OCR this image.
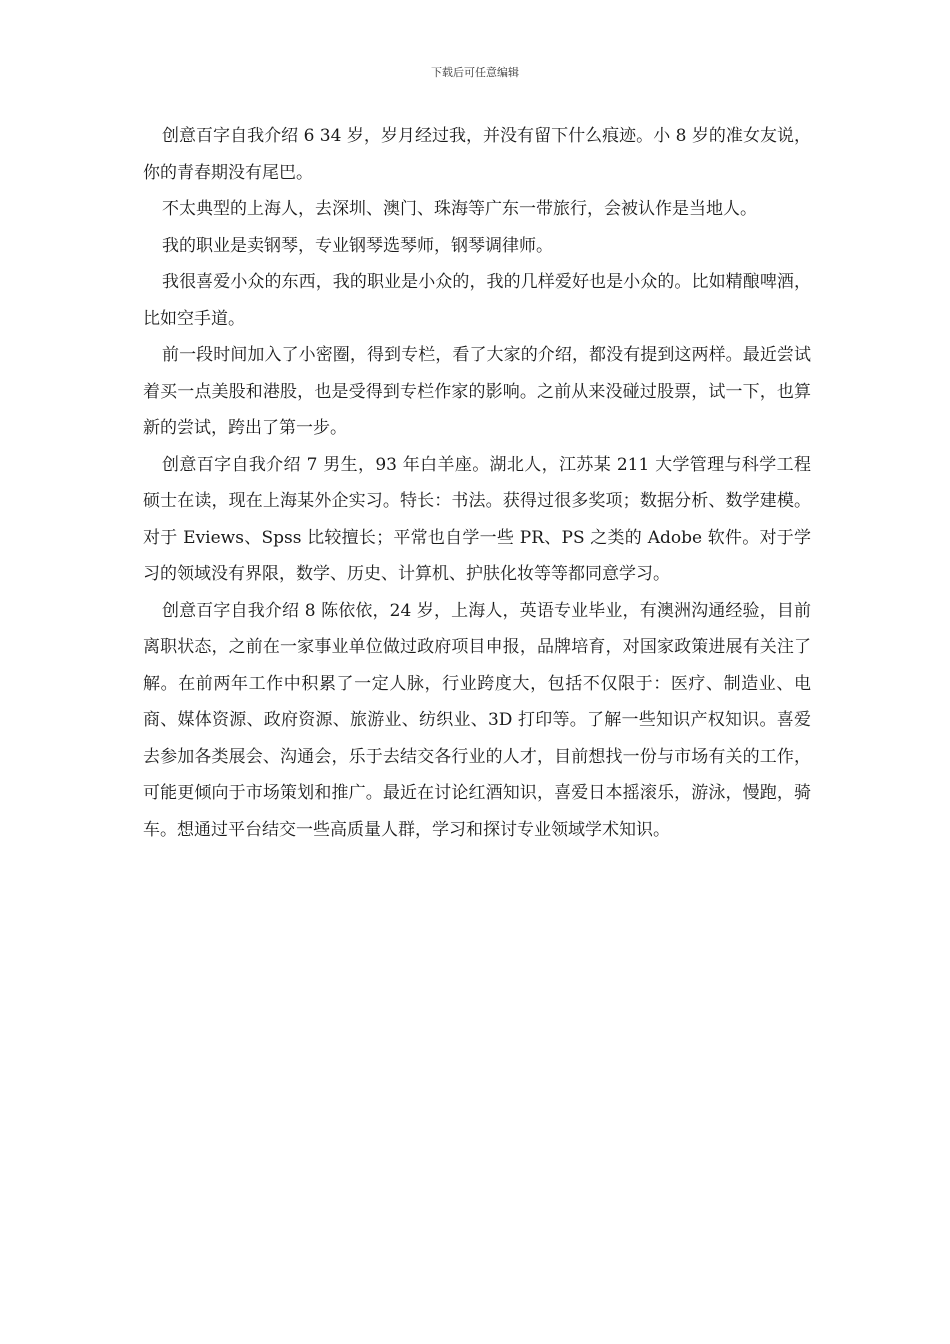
下载后可任意编辑

创意百字自我介绍 6 34 岁，岁月经过我，并没有留下什么痕迹。小 8 岁的准女友说，你的青春期没有尾巴。

不太典型的上海人，去深圳、澳门、珠海等广东一带旅行，会被认作是当地人。

我的职业是卖钢琴，专业钢琴选琴师，钢琴调律师。

我很喜爱小众的东西，我的职业是小众的，我的几样爱好也是小众的。比如精酿啤酒，比如空手道。

前一段时间加入了小密圈，得到专栏，看了大家的介绍，都没有提到这两样。最近尝试着买一点美股和港股，也是受得到专栏作家的影响。之前从来没碰过股票，试一下，也算新的尝试，跨出了第一步。

创意百字自我介绍 7 男生，93 年白羊座。湖北人，江苏某 211 大学管理与科学工程硕士在读，现在上海某外企实习。特长：书法。获得过很多奖项；数据分析、数学建模。对于 Eviews、Spss 比较擅长；平常也自学一些 PR、PS 之类的 Adobe 软件。对于学习的领域没有界限，数学、历史、计算机、护肤化妆等等都同意学习。

创意百字自我介绍 8 陈依依，24 岁，上海人，英语专业毕业，有澳洲沟通经验，目前离职状态，之前在一家事业单位做过政府项目申报，品牌培育，对国家政策进展有关注了解。在前两年工作中积累了一定人脉，行业跨度大，包括不仅限于：医疗、制造业、电商、媒体资源、政府资源、旅游业、纺织业、3D 打印等。了解一些知识产权知识。喜爱去参加各类展会、沟通会，乐于去结交各行业的人才，目前想找一份与市场有关的工作，可能更倾向于市场策划和推广。最近在讨论红酒知识，喜爱日本摇滚乐，游泳，慢跑，骑车。想通过平台结交一些高质量人群，学习和探讨专业领域学术知识。
